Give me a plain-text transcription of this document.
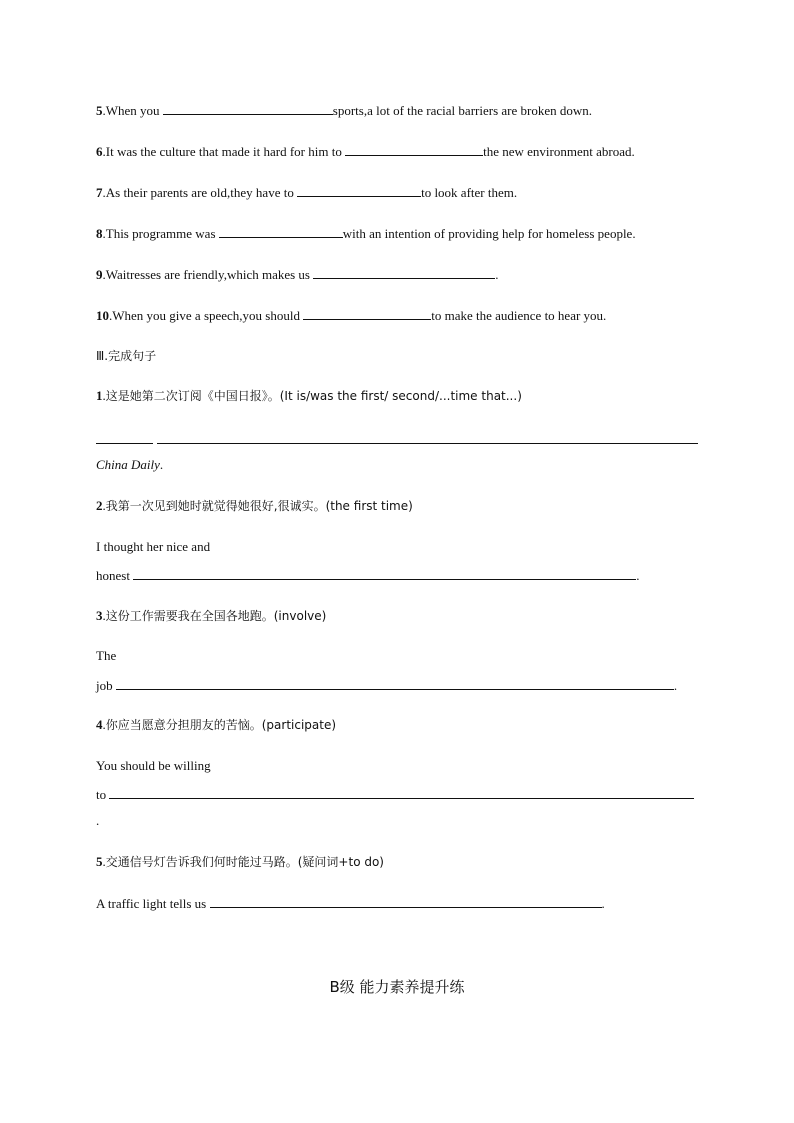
5.When you	sports,a lot of the racial barriers are broken down.
6.It was the culture that made it hard for him to	the new environment abroad.
7.As their parents are old,they have to	to look after them.
8.This programme was	with an intention of providing help for homeless people.
9.Waitresses are friendly,which makes us	.
10.When you give a speech,you should	to make the audience to hear you.
Ⅲ.完成句子
1.这是她第二次订阅《中国日报》。(It is/was the first/ second/...time that...)
China Daily.
2.我第一次见到她时就觉得她很好,很诚实。(the first time)
I thought her nice and
honest	.
3.这份工作需要我在全国各地跑。(involve)
The
job	.
4.你应当愿意分担朋友的苦恼。(participate)
You should be willing
to
.
5.交通信号灯告诉我们何时能过马路。(疑问词+to do)
A traffic light tells us	.
B级 能力素养提升练
